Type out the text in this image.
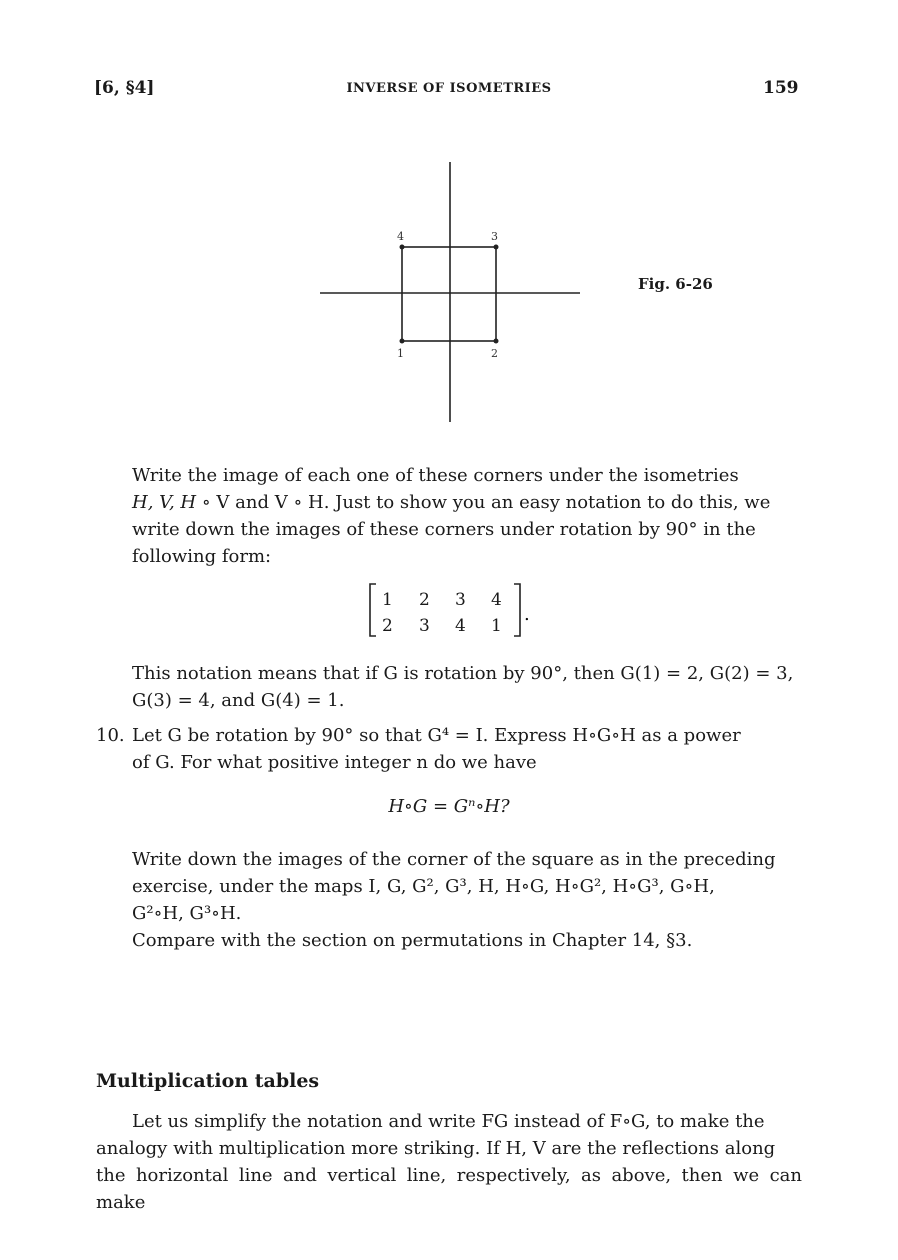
[6, §4]	INVERSE OF ISOMETRIES	159
1	2
3
4
Fig. 6-26
Write the image of each one of these corners under the isometries
H, V, H ∘ V and V ∘ H. Just to show you an easy notation to do this, we
write down the images of these corners under rotation by 90° in the
following form:
1 2 3 4
2 3 4 1
.
This notation means that if G is rotation by 90°, then G(1) = 2, G(2) = 3,
G(3) = 4, and G(4) = 1.
10. Let G be rotation by 90° so that G⁴ = I. Express H∘G∘H as a power
of G. For what positive integer n do we have
H∘G = Gⁿ∘H?
Write down the images of the corner of the square as in the preceding
exercise, under the maps I, G, G², G³, H, H∘G, H∘G², H∘G³, G∘H,
G²∘H, G³∘H.
Compare with the section on permutations in Chapter 14, §3.
Multiplication tables
Let us simplify the notation and write FG instead of F∘G, to make the
analogy with multiplication more striking. If H, V are the reflections along
the horizontal line and vertical line, respectively, as above, then we can make
